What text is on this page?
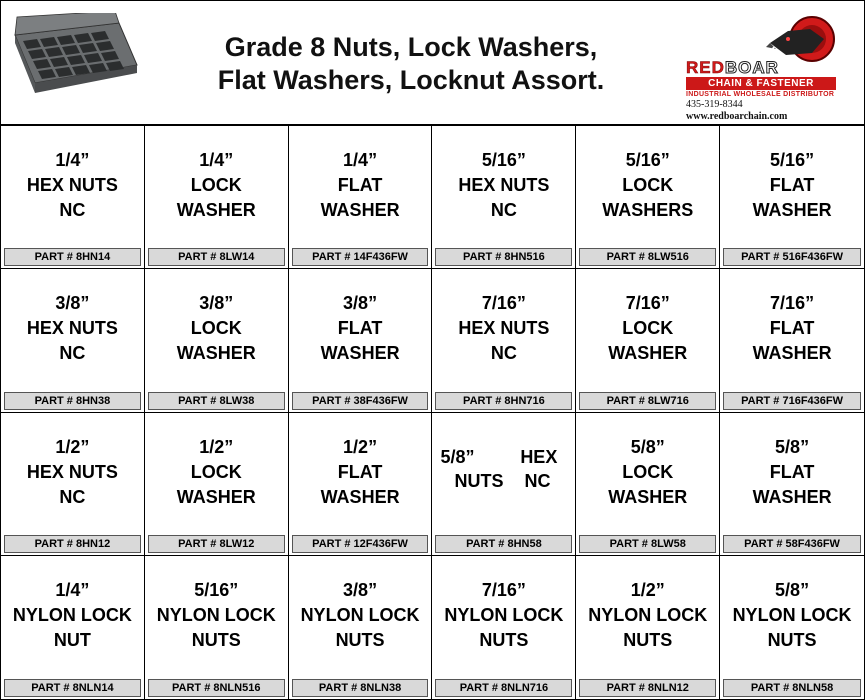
Grade 8 Nuts, Lock Washers,
Flat Washers, Locknut Assort.	REDBOAR
CHAIN & FASTENER
INDUSTRIAL WHOLESALE DISTRIBUTOR
435-319-8344
www.redboarchain.com
1/4”
HEX NUTS
NC
PART # 8HN14
1/4”
LOCK
WASHER
PART # 8LW14
1/4”
FLAT
WASHER
PART # 14F436FW
5/16”
HEX NUTS
NC
PART # 8HN516
5/16”
LOCK
WASHERS
PART # 8LW516
5/16”
FLAT
WASHER
PART # 516F436FW
3/8”
HEX NUTS
NC
PART # 8HN38
3/8”
LOCK
WASHER
PART # 8LW38
3/8”
FLAT
WASHER
PART # 38F436FW
7/16”
HEX NUTS
NC
PART # 8HN716
7/16”
LOCK
WASHER
PART # 8LW716
7/16”
FLAT
WASHER
PART # 716F436FW
1/2”
HEX NUTS
NC
PART # 8HN12
1/2”
LOCK
WASHER
PART # 8LW12
1/2”
FLAT
WASHER
PART # 12F436FW
5/8”	HEX
NUTS NC
PART # 8HN58
5/8”
LOCK
WASHER
PART # 8LW58
5/8”
FLAT
WASHER
PART # 58F436FW
1/4”
NYLON LOCK
NUT
PART # 8NLN14
5/16”
NYLON LOCK
NUTS
PART # 8NLN516
3/8”
NYLON LOCK
NUTS
PART # 8NLN38
7/16”
NYLON LOCK
NUTS
PART # 8NLN716
1/2”
NYLON LOCK
NUTS
PART # 8NLN12
5/8”
NYLON LOCK
NUTS
PART # 8NLN58
